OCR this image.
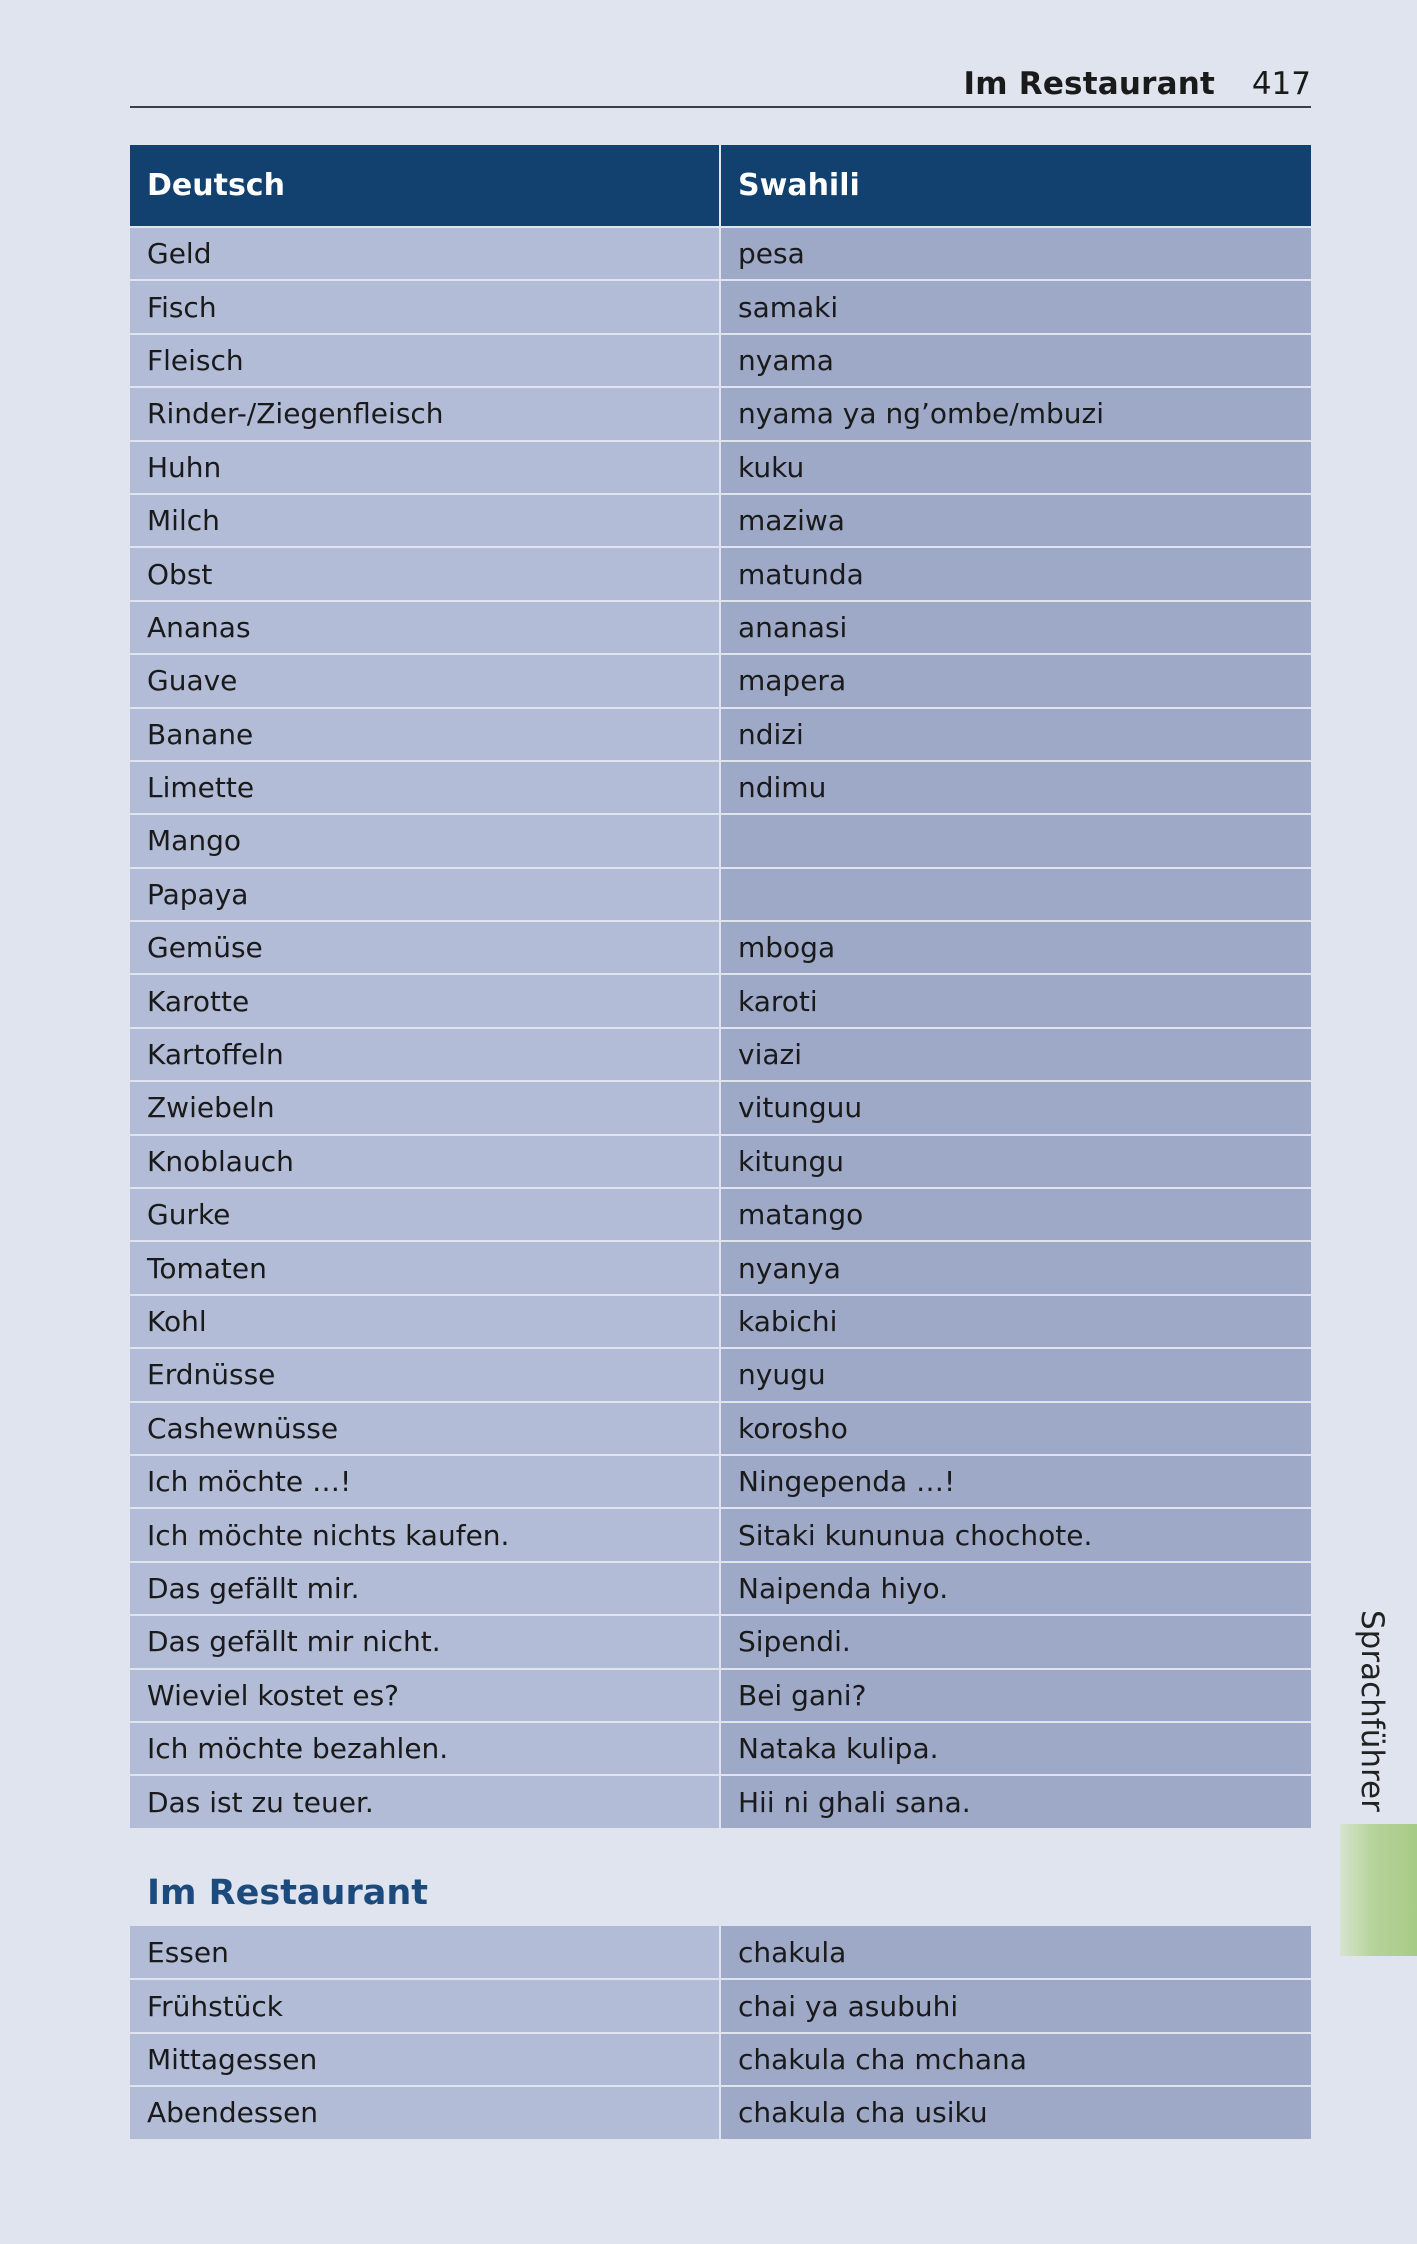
Im Restaurant 417
Deutsch	Swahili
Geld	pesa
Fisch	samaki
Fleisch	nyama
Rinder-/Ziegenfleisch	nyama ya ng’ombe/mbuzi
Huhn	kuku
Milch	maziwa
Obst	matunda
Ananas	ananasi
Guave	mapera
Banane	ndizi
Limette	ndimu
Mango	
Papaya	
Gemüse	mboga
Karotte	karoti
Kartoffeln	viazi
Zwiebeln	vitunguu
Knoblauch	kitungu
Gurke	matango
Tomaten	nyanya
Kohl	kabichi
Erdnüsse	nyugu
Cashewnüsse	korosho
Ich möchte …!	Ningependa …!
Ich möchte nichts kaufen.	Sitaki kununua chochote.
Das gefällt mir.	Naipenda hiyo.
Das gefällt mir nicht.	Sipendi.
Wieviel kostet es?	Bei gani?
Ich möchte bezahlen.	Nataka kulipa.
Das ist zu teuer.	Hii ni ghali sana.
Im Restaurant
Essen	chakula
Frühstück	chai ya asubuhi
Mittagessen	chakula cha mchana
Abendessen	chakula cha usiku
Sprachführer
